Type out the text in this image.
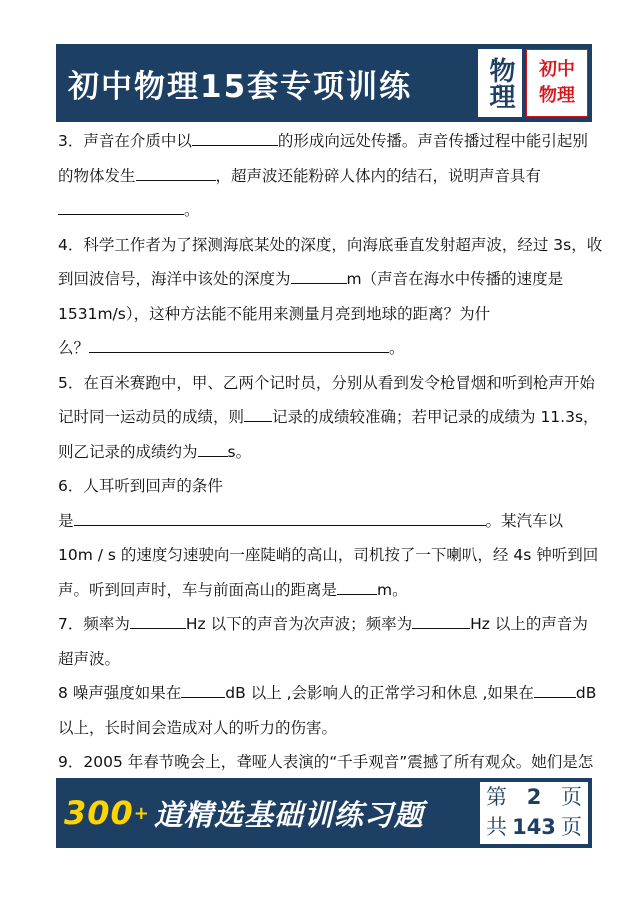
初中物理15套专项训练	物理	初中
物理
3．声音在介质中以	的形成向远处传播。声音传播过程中能引起别
的物体发生	，超声波还能粉碎人体内的结石，说明声音具有
。
4．科学工作者为了探测海底某处的深度，向海底垂直发射超声波，经过 3s，收
到回波信号，海洋中该处的深度为	m（声音在海水中传播的速度是
1531m/s），这种方法能不能用来测量月亮到地球的距离？为什
么？	。
5．在百米赛跑中，甲、乙两个记时员，分别从看到发令枪冒烟和听到枪声开始
记时同一运动员的成绩，则 记录的成绩较准确；若甲记录的成绩为 11.3s，
则乙记录的成绩约为 s。
6．人耳听到回声的条件
是	。某汽车以
10m / s 的速度匀速驶向一座陡峭的高山，司机按了一下喇叭，经 4s 钟听到回
声。听到回声时，车与前面高山的距离是	m。
7．频率为	Hz 以下的声音为次声波；频率为	Hz 以上的声音为
超声波。
8 噪声强度如果在	dB 以上 ,会影响人的正常学习和休息 ,如果在	dB
以上，长时间会造成对人的听力的伤害。
9．2005 年春节晚会上，聋哑人表演的“千手观音”震撼了所有观众。她们是怎
300 + 道精选基础训练习题
第 2 页
共 143 页
